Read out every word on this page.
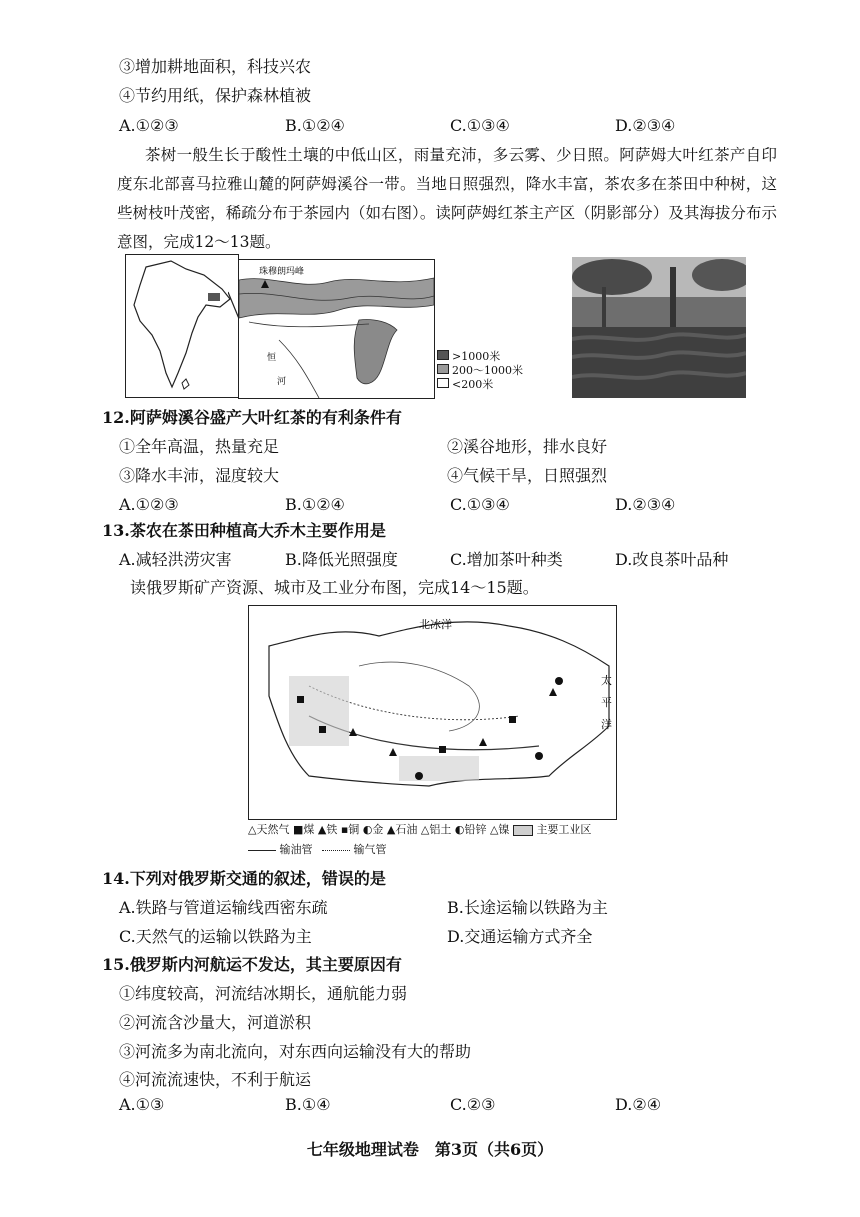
③增加耕地面积，科技兴农
④节约用纸，保护森林植被
A.①②③	B.①②④	C.①③④	D.②③④
茶树一般生长于酸性土壤的中低山区，雨量充沛，多云雾、少日照。阿萨姆大叶红茶产自印度东北部喜马拉雅山麓的阿萨姆溪谷一带。当地日照强烈，降水丰富，茶农多在茶田中种树，这些树枝叶茂密，稀疏分布于茶园内（如右图）。读阿萨姆红茶主产区（阴影部分）及其海拔分布示意图，完成12～13题。
珠穆朗玛峰
恒
河
>1000米
200～1000米
<200米
12.阿萨姆溪谷盛产大叶红茶的有利条件有
①全年高温，热量充足	②溪谷地形，排水良好
③降水丰沛，湿度较大	④气候干旱，日照强烈
A.①②③	B.①②④	C.①③④	D.②③④
13.茶农在茶田种植高大乔木主要作用是
A.减轻洪涝灾害	B.降低光照强度	C.增加茶叶种类	D.改良茶叶品种
读俄罗斯矿产资源、城市及工业分布图，完成14～15题。
北冰洋
太
平
洋
△天然气 ■煤 ▲铁 ▪铜 ◐金 ▲石油 △铝土 ◐铅锌 △镍 主要工业区
输油管	输气管
14.下列对俄罗斯交通的叙述，错误的是
A.铁路与管道运输线西密东疏	B.长途运输以铁路为主
C.天然气的运输以铁路为主	D.交通运输方式齐全
15.俄罗斯内河航运不发达，其主要原因有
①纬度较高，河流结冰期长，通航能力弱
②河流含沙量大，河道淤积
③河流多为南北流向，对东西向运输没有大的帮助
④河流流速快，不利于航运
A.①③	B.①④	C.②③	D.②④
七年级地理试卷　第3页（共6页）
